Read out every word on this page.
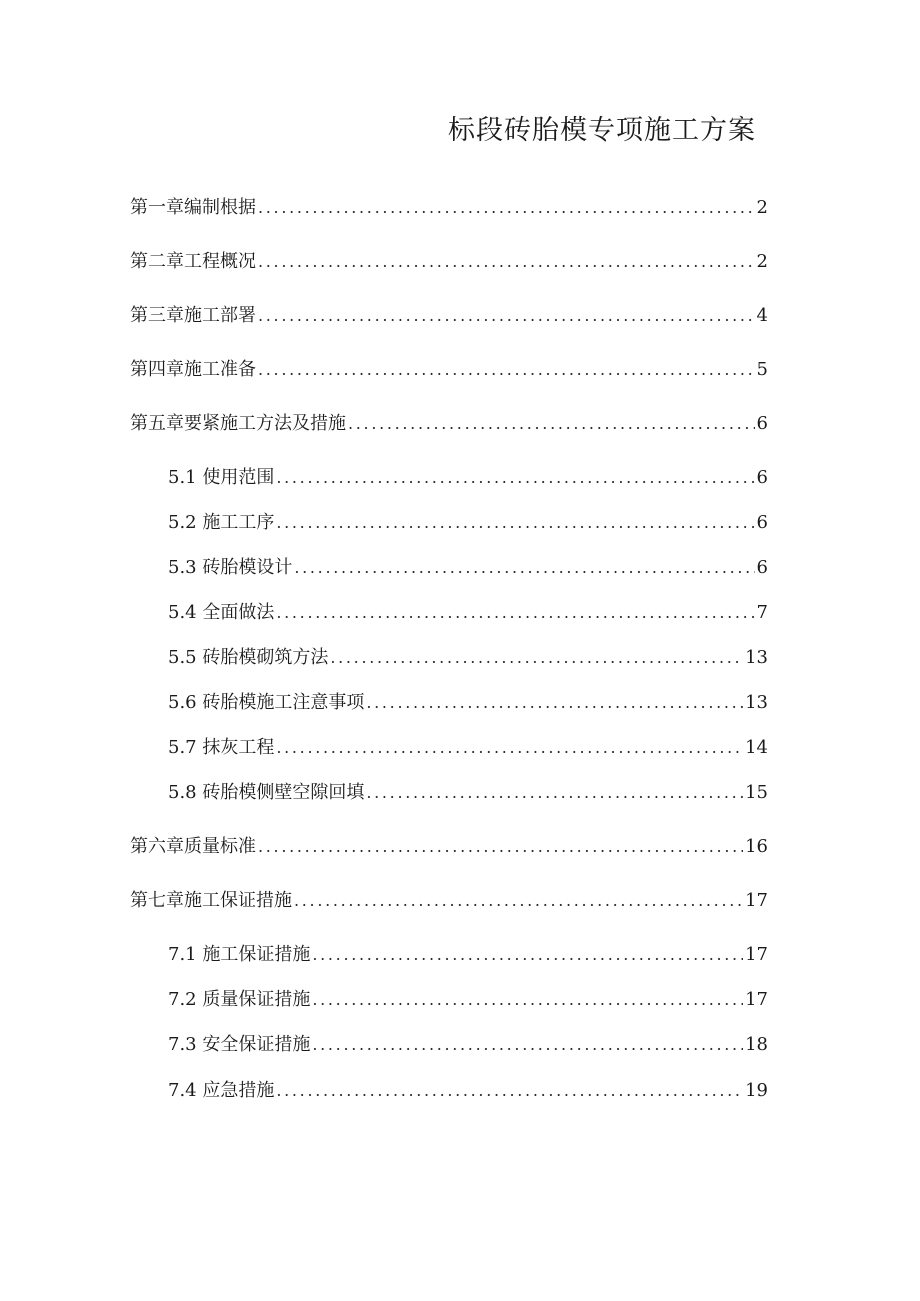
标段砖胎模专项施工方案
第一章编制根据 . . .	2
第二章工程概况 . . .	2
第三章施工部署 . . .	4
第四章施工准备 . . .	5
第五章要紧施工方法及措施 . . .	6
5.1 使用范围 . . .	6
5.2 施工工序 . . .	6
5.3 砖胎模设计 . . .	6
5.4 全面做法 . . .	7
5.5 砖胎模砌筑方法 . . .	13
5.6 砖胎模施工注意事项 . . .	13
5.7 抹灰工程 . . .	14
5.8 砖胎模侧壁空隙回填 . . .	15
第六章质量标准 . . .	16
第七章施工保证措施 . . .	17
7.1 施工保证措施 . . .	17
7.2 质量保证措施 . . .	17
7.3 安全保证措施 . . .	18
7.4 应急措施 . . .	19
